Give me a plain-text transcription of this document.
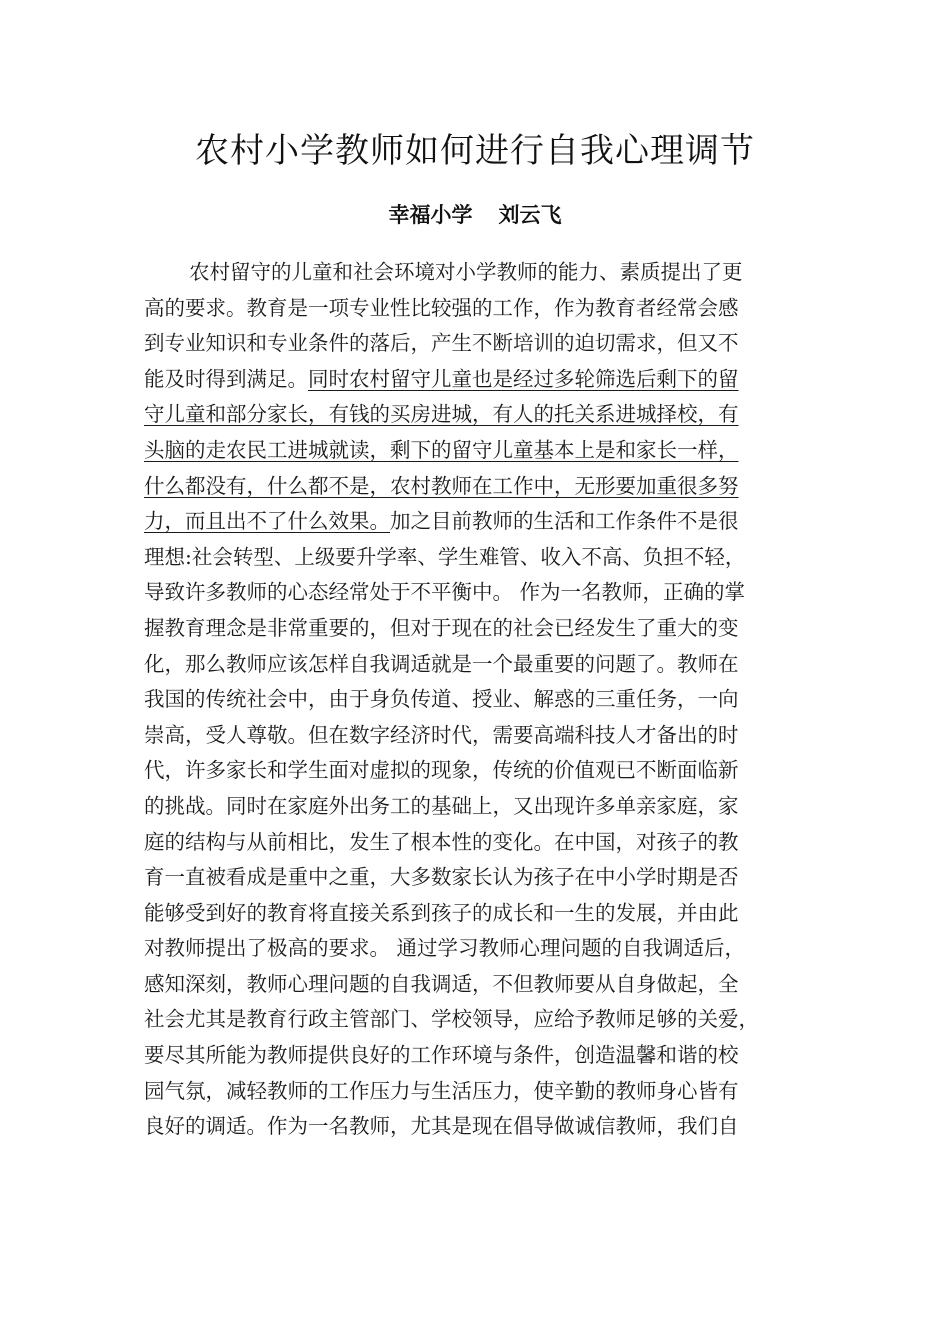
农村小学教师如何进行自我心理调节
幸福小学 刘云飞
农村留守的儿童和社会环境对小学教师的能力、素质提出了更
高的要求。教育是一项专业性比较强的工作，作为教育者经常会感
到专业知识和专业条件的落后，产生不断培训的迫切需求，但又不
能及时得到满足。同时农村留守儿童也是经过多轮筛选后剩下的留
守儿童和部分家长，有钱的买房进城，有人的托关系进城择校，有
头脑的走农民工进城就读，剩下的留守儿童基本上是和家长一样，
什么都没有，什么都不是，农村教师在工作中，无形要加重很多努
力，而且出不了什么效果。加之目前教师的生活和工作条件不是很
理想:社会转型、上级要升学率、学生难管、收入不高、负担不轻，
导致许多教师的心态经常处于不平衡中。 作为一名教师，正确的掌
握教育理念是非常重要的，但对于现在的社会已经发生了重大的变
化，那么教师应该怎样自我调适就是一个最重要的问题了。教师在
我国的传统社会中，由于身负传道、授业、解惑的三重任务，一向
崇高，受人尊敬。但在数字经济时代，需要高端科技人才备出的时
代，许多家长和学生面对虚拟的现象，传统的价值观已不断面临新
的挑战。同时在家庭外出务工的基础上，又出现许多单亲家庭，家
庭的结构与从前相比，发生了根本性的变化。在中国，对孩子的教
育一直被看成是重中之重，大多数家长认为孩子在中小学时期是否
能够受到好的教育将直接关系到孩子的成长和一生的发展，并由此
对教师提出了极高的要求。 通过学习教师心理问题的自我调适后，
感知深刻，教师心理问题的自我调适，不但教师要从自身做起，全
社会尤其是教育行政主管部门、学校领导，应给予教师足够的关爱，
要尽其所能为教师提供良好的工作环境与条件，创造温馨和谐的校
园气氛，减轻教师的工作压力与生活压力，使辛勤的教师身心皆有
良好的调适。作为一名教师，尤其是现在倡导做诚信教师，我们自
